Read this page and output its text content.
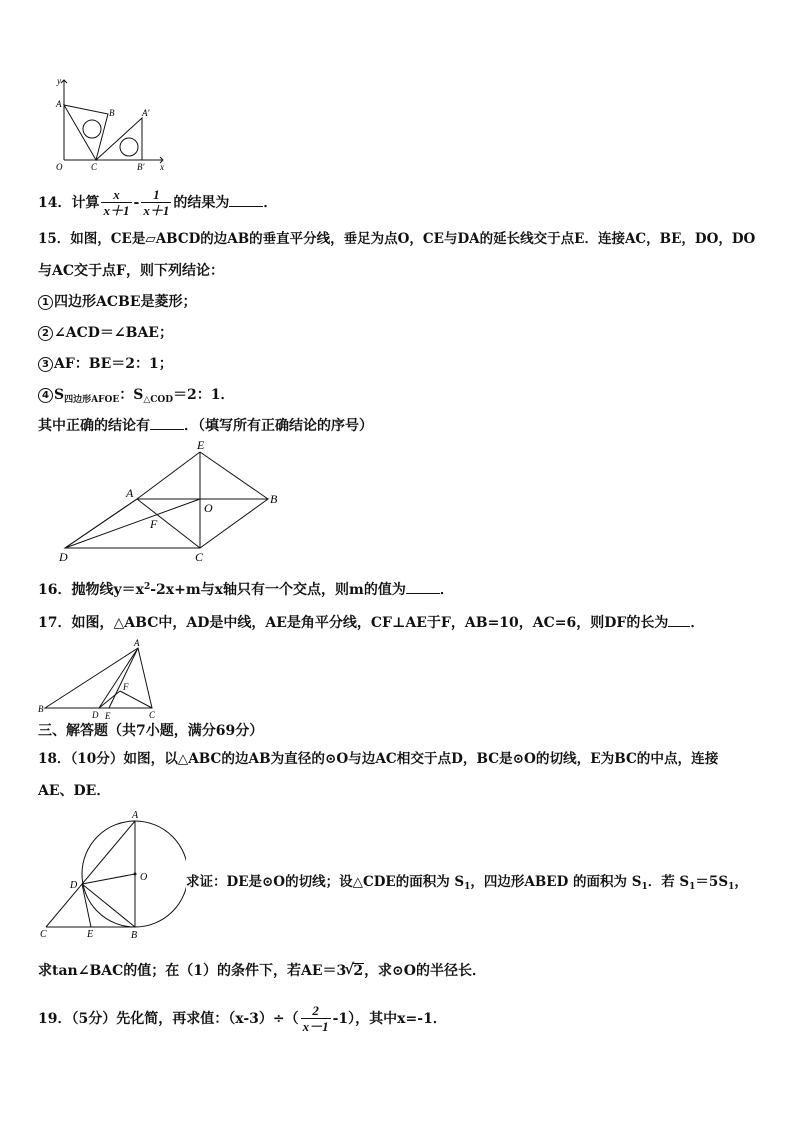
y
A
B	A′
O	C	B′ x
14．计算 $\frac{x}{x+1} - \frac{1}{x+1}$ 的结果为 ．
15．如图，CE是▱ABCD的边AB的垂直平分线，垂足为点O，CE与DA的延长线交于点E．连接AC，BE，DO，DO
与AC交于点F，则下列结论：
1 四边形ACBE是菱形；
2 ∠ACD＝∠BAE；
3 AF：BE＝2：1；
4 $S_{四边形AFOE}$：$S_{\triangle COD}=2$：1．
其中正确的结论有 ．（填写所有正确结论的序号）
E
A	B
O
F
D	C
16．抛物线$y=x^2-2x+m$与x轴只有一个交点，则m的值为 ．
17．如图，△ABC中，AD是中线，AE是角平分线，CF⊥AE于F，AB=10，AC=6，则DF的长为 ．
A
F
B
D E	C
三、解答题（共7小题，满分69分）
18．（10分）如图，以△ABC的边AB为直径的⊙O与边AC相交于点D，BC是⊙O的切线，E为BC的中点，连接
AE、DE．
A
O
D
C	E	B
求证：DE是⊙O的切线；设△CDE的面积为 $S_1$，四边形ABED 的面积为 $S_1$．若 $S_1=5S_1$，
求tan∠BAC的值；在（1）的条件下，若AE＝3√ 2，求⊙O的半径长．
19．（5分）先化简，再求值：$(x-3)\div( \frac{2}{x-1} -1)$，其中x=-1．
